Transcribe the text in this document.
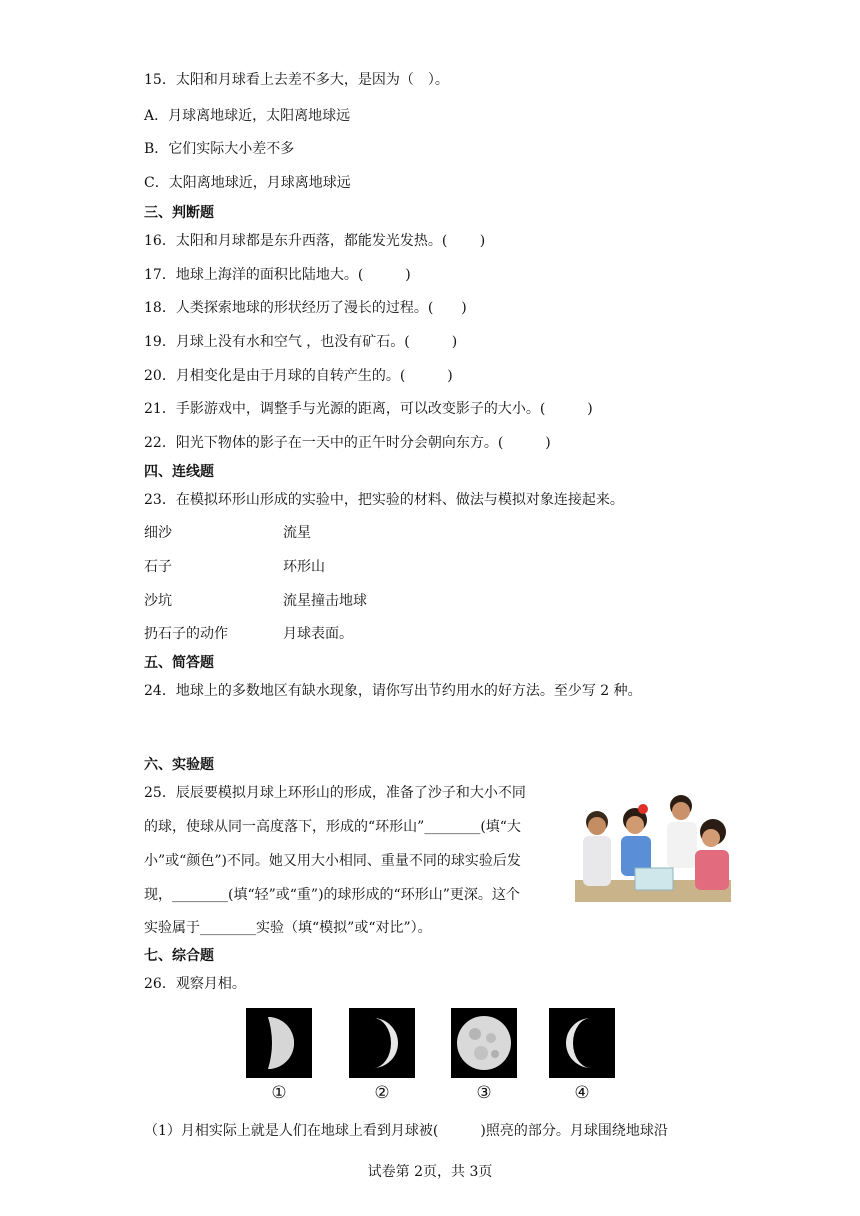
15．太阳和月球看上去差不多大，是因为（　）。
A．月球离地球近，太阳离地球远
B．它们实际大小差不多
C．太阳离地球近，月球离地球远
三、判断题
16．太阳和月球都是东升西落，都能发光发热。(　　 )
17．地球上海洋的面积比陆地大。(　　　)
18．人类探索地球的形状经历了漫长的过程。(　　)
19．月球上没有水和空气 ，也没有矿石。(　　　)
20．月相变化是由于月球的自转产生的。(　　　)
21．手影游戏中，调整手与光源的距离，可以改变影子的大小。(　　　)
22．阳光下物体的影子在一天中的正午时分会朝向东方。(　　　)
四、连线题
23．在模拟环形山形成的实验中，把实验的材料、做法与模拟对象连接起来。
细沙	流星
石子	环形山
沙坑	流星撞击地球
扔石子的动作	月球表面。
五、简答题
24．地球上的多数地区有缺水现象，请你写出节约用水的好方法。至少写 2 种。
六、实验题
25．辰辰要模拟月球上环形山的形成，准备了沙子和大小不同
的球，使球从同一高度落下，形成的“环形山”________(填“大
小”或“颜色”)不同。她又用大小相同、重量不同的球实验后发
现，________(填“轻”或“重”)的球形成的“环形山”更深。这个
实验属于________实验（填“模拟”或“对比”）。
七、综合题
26．观察月相。
①	②	③	④
（1）月相实际上就是人们在地球上看到月球被(　　　)照亮的部分。月球围绕地球沿
试卷第 2页，共 3页
